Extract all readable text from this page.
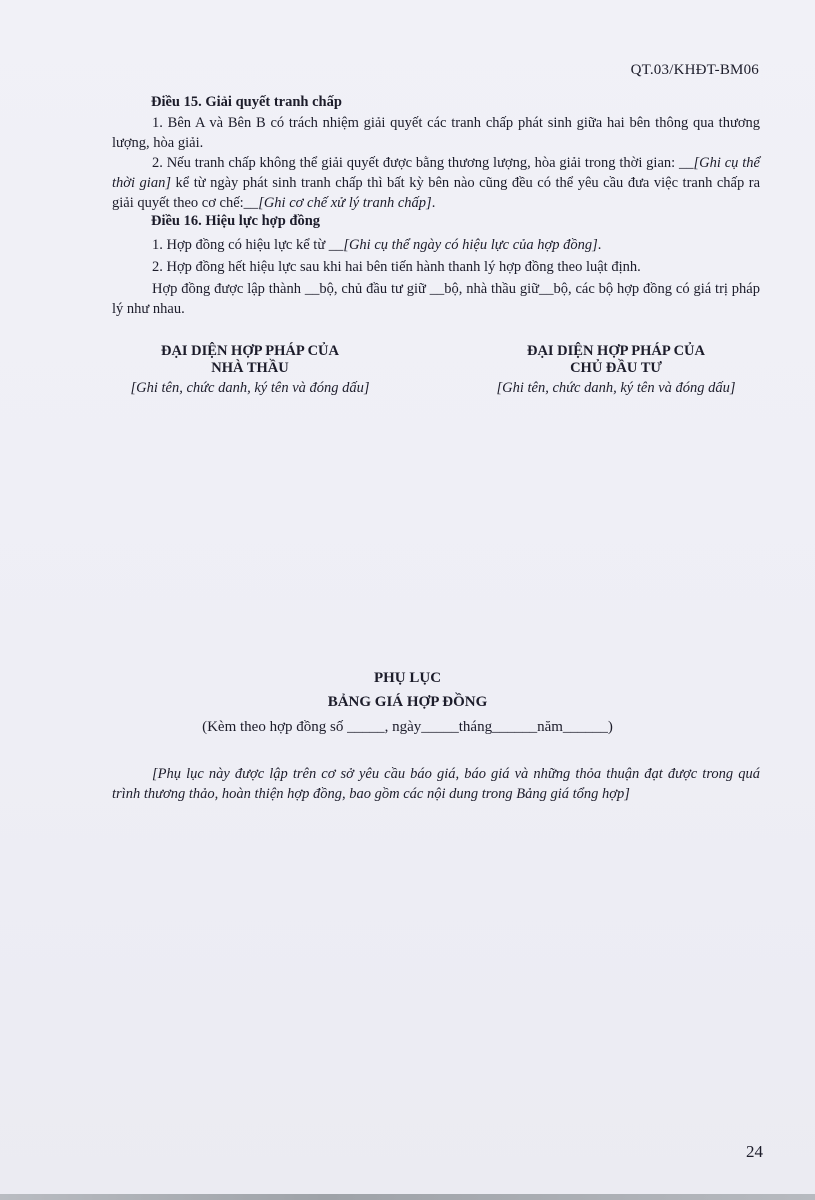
QT.03/KHĐT-BM06
Điều 15. Giải quyết tranh chấp
1. Bên A và Bên B có trách nhiệm giải quyết các tranh chấp phát sinh giữa hai bên thông qua thương lượng, hòa giải.
2. Nếu tranh chấp không thể giải quyết được bằng thương lượng, hòa giải trong thời gian: __[Ghi cụ thể thời gian] kể từ ngày phát sinh tranh chấp thì bất kỳ bên nào cũng đều có thể yêu cầu đưa việc tranh chấp ra giải quyết theo cơ chế:__[Ghi cơ chế xử lý tranh chấp].
Điều 16. Hiệu lực hợp đồng
1. Hợp đồng có hiệu lực kể từ __[Ghi cụ thể ngày có hiệu lực của hợp đồng].
2. Hợp đồng hết hiệu lực sau khi hai bên tiến hành thanh lý hợp đồng theo luật định.
Hợp đồng được lập thành __bộ, chủ đầu tư giữ __bộ, nhà thầu giữ__bộ, các bộ hợp đồng có giá trị pháp lý như nhau.
ĐẠI DIỆN HỢP PHÁP CỦA
NHÀ THẦU
[Ghi tên, chức danh, ký tên và đóng dấu]
ĐẠI DIỆN HỢP PHÁP CỦA
CHỦ ĐẦU TƯ
[Ghi tên, chức danh, ký tên và đóng dấu]
PHỤ LỤC
BẢNG GIÁ HỢP ĐỒNG
(Kèm theo hợp đồng số _____, ngày_____tháng______năm______)
[Phụ lục này được lập trên cơ sở yêu cầu báo giá, báo giá và những thỏa thuận đạt được trong quá trình thương thảo, hoàn thiện hợp đồng, bao gồm các nội dung trong Bảng giá tổng hợp]
24
